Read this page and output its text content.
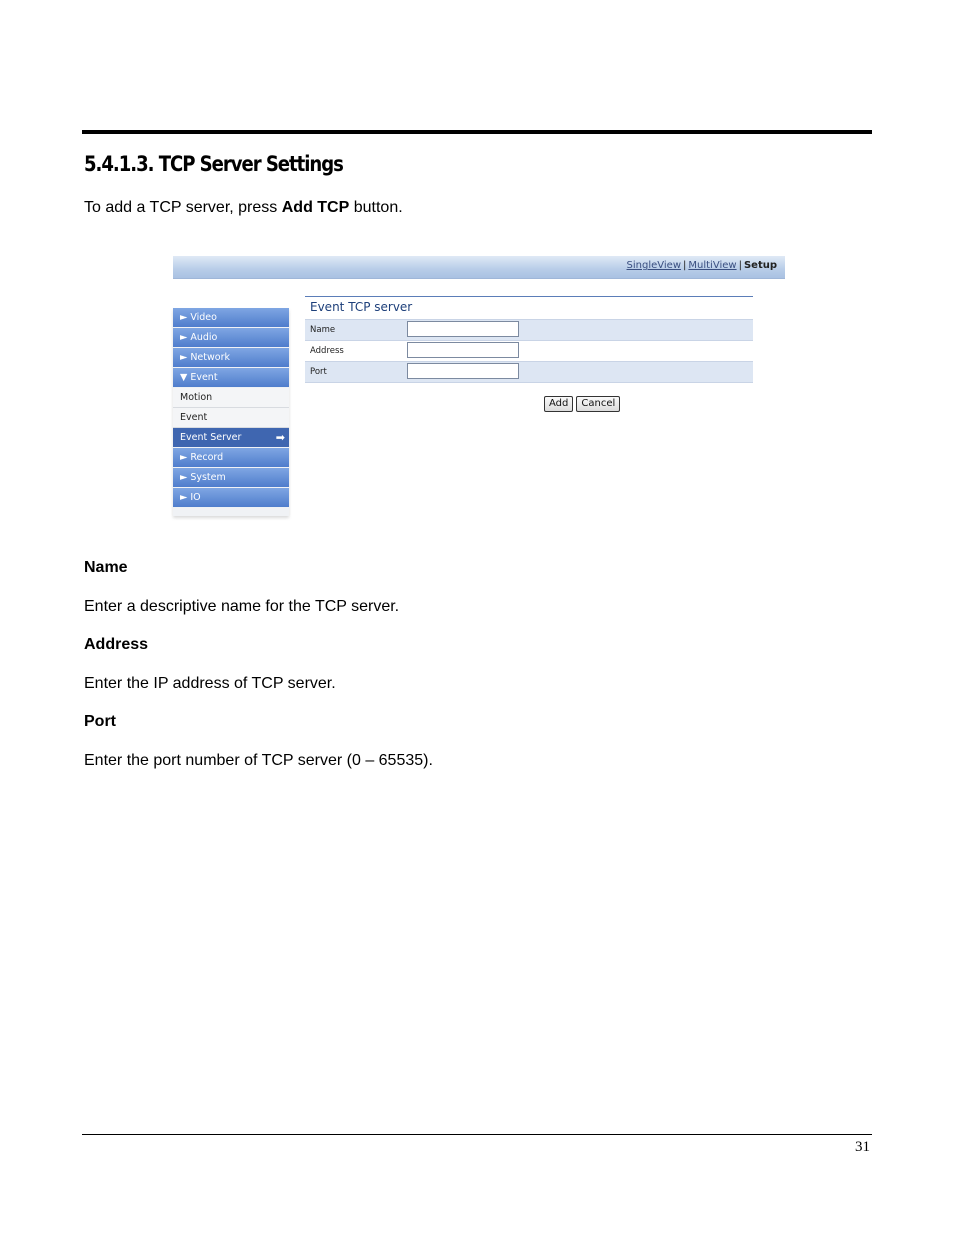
5.4.1.3. TCP Server Settings
To add a TCP server, press Add TCP button.
SingleView | MultiView | Setup
► Video
► Audio
► Network
▼ Event
Motion
Event
Event Server	➡
► Record
► System
► IO
Event TCP server
Name
Address
Port
Add Cancel
Name
Enter a descriptive name for the TCP server.
Address
Enter the IP address of TCP server.
Port
Enter the port number of TCP server (0 – 65535).
31
